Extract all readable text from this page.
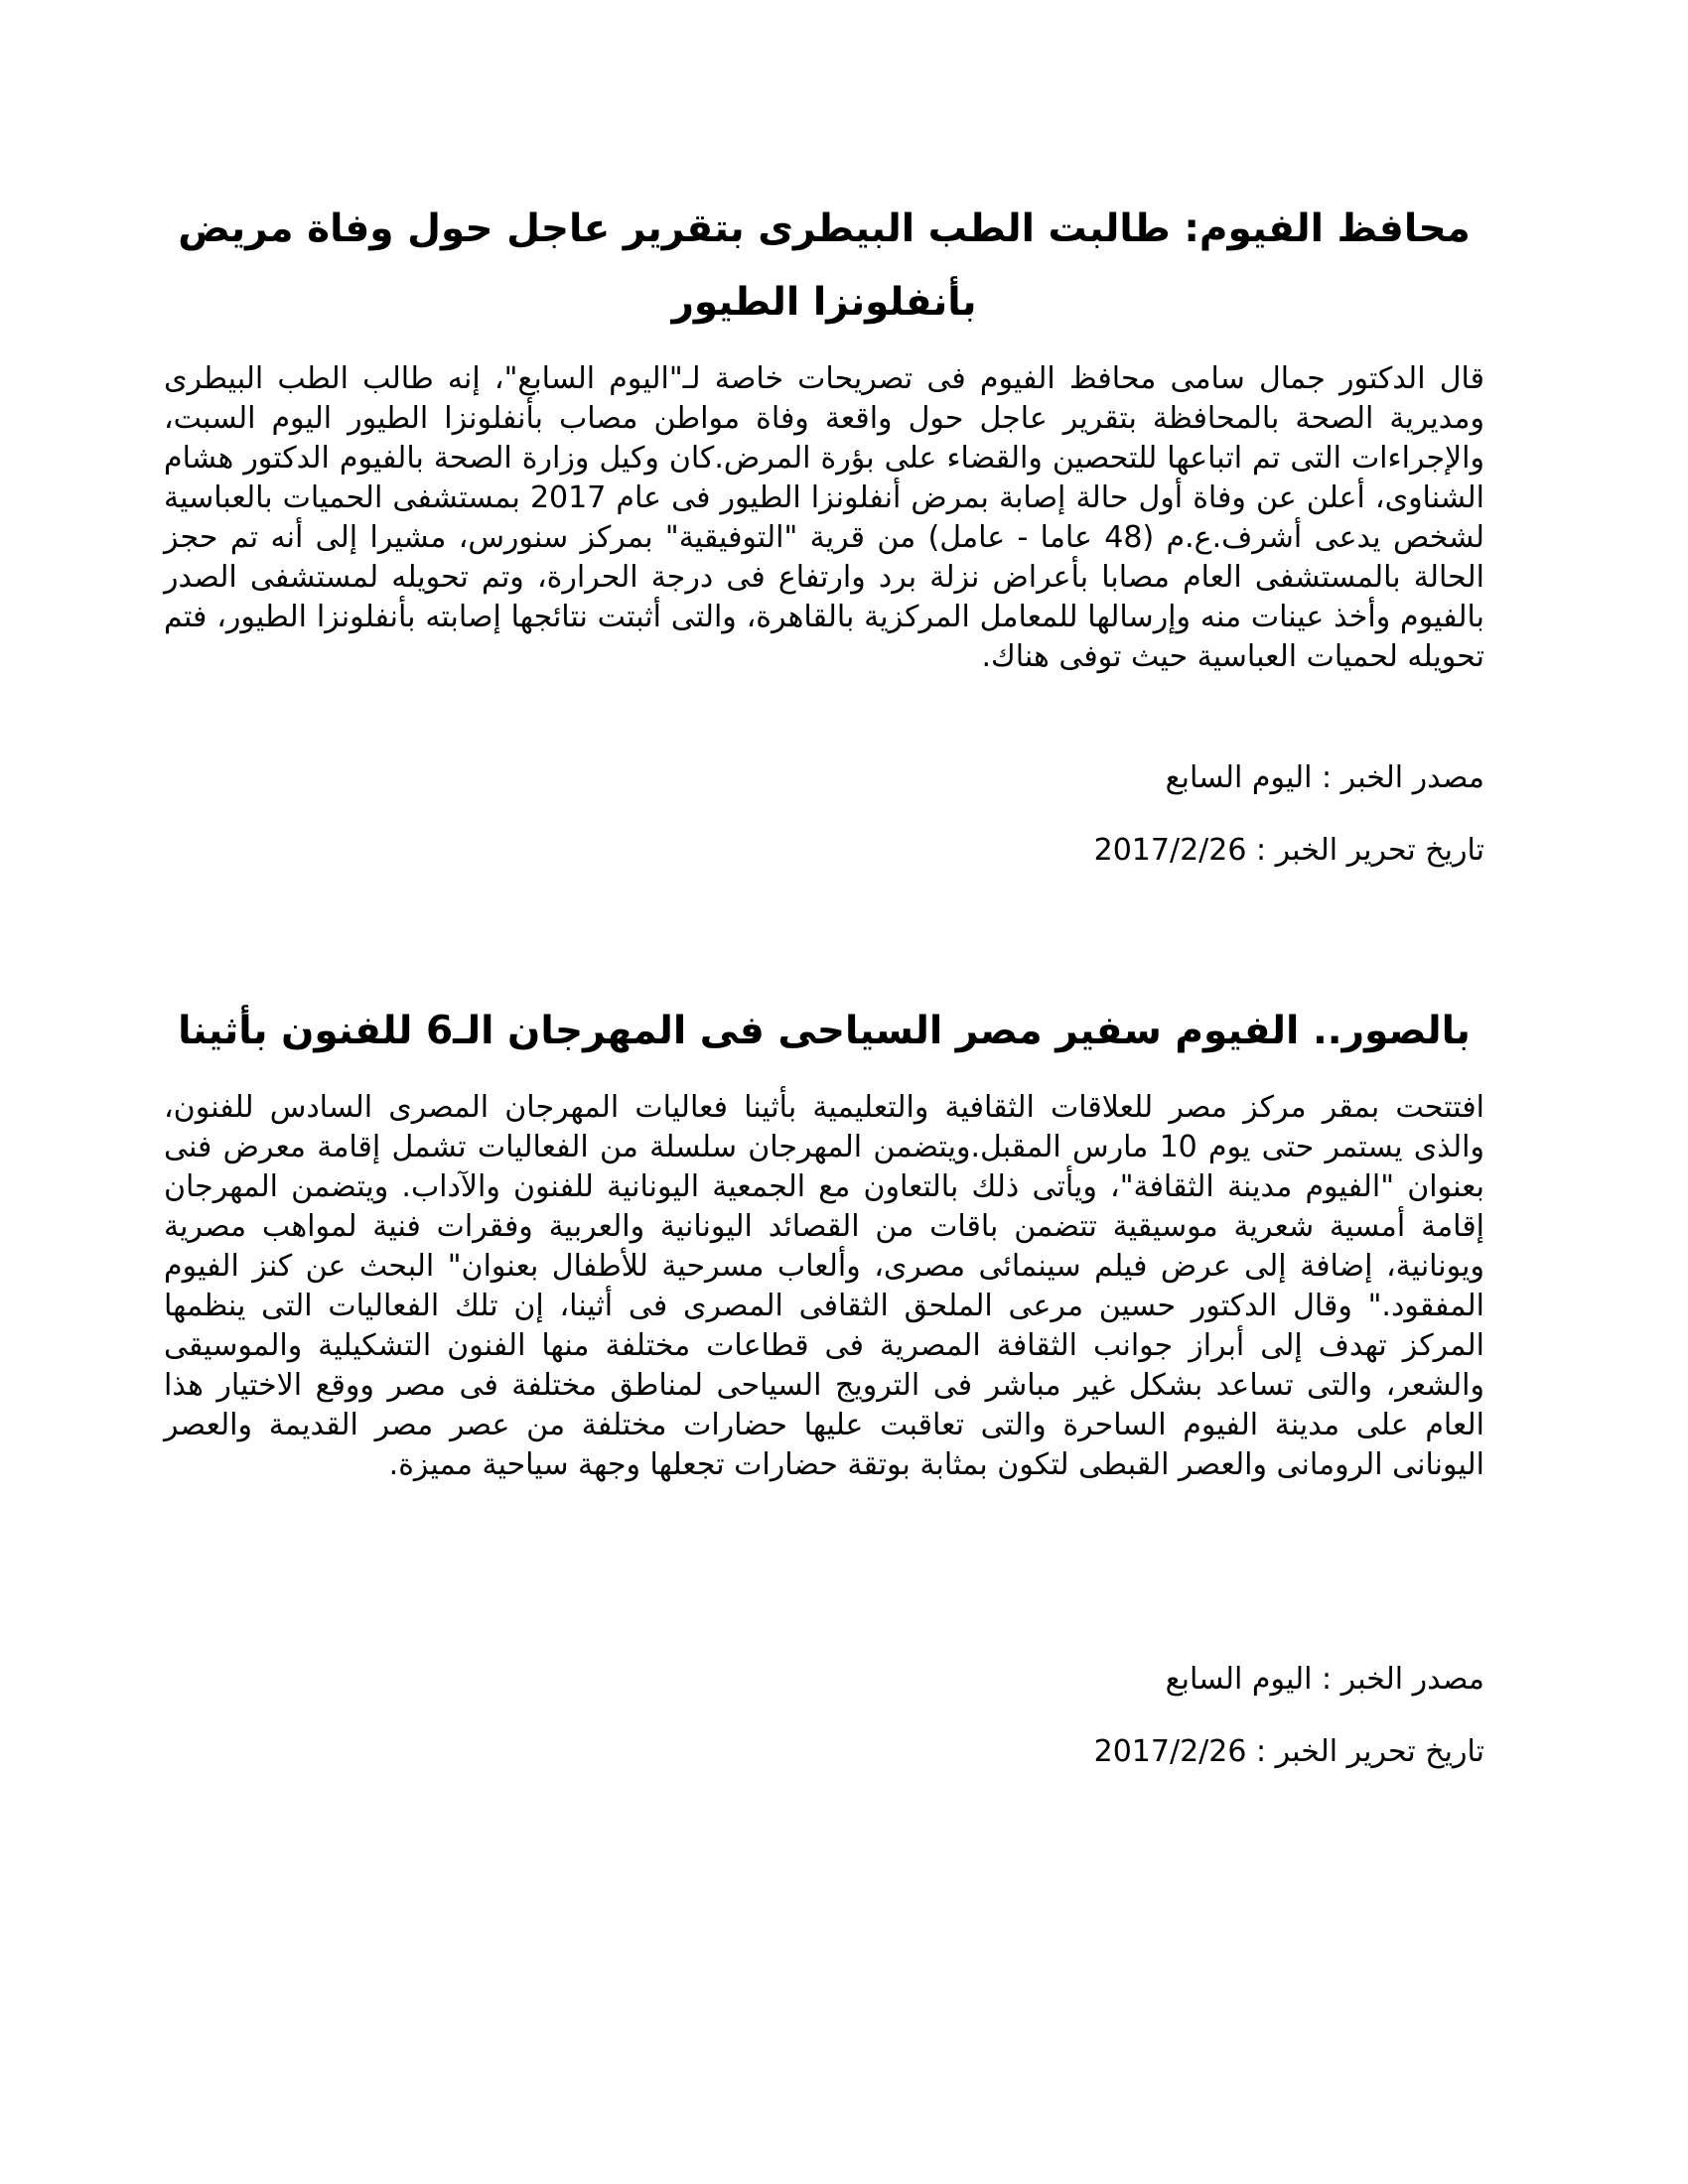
محافظ الفيوم: طالبت الطب البيطرى بتقرير عاجل حول وفاة مريض بأنفلونزا الطيور

قال الدكتور جمال سامى محافظ الفيوم فى تصريحات خاصة لـ"اليوم السابع"، إنه طالب الطب البيطرى ومديرية الصحة بالمحافظة بتقرير عاجل حول واقعة وفاة مواطن مصاب بأنفلونزا الطيور اليوم السبت، والإجراءات التى تم اتباعها للتحصين والقضاء على بؤرة المرض.كان وكيل وزارة الصحة بالفيوم الدكتور هشام الشناوى، أعلن عن وفاة أول حالة إصابة بمرض أنفلونزا الطيور فى عام 2017 بمستشفى الحميات بالعباسية لشخص يدعى أشرف.ع.م (48 عاما - عامل) من قرية "التوفيقية" بمركز سنورس، مشيرا إلى أنه تم حجز الحالة بالمستشفى العام مصابا بأعراض نزلة برد وارتفاع فى درجة الحرارة، وتم تحويله لمستشفى الصدر بالفيوم وأخذ عينات منه وإرسالها للمعامل المركزية بالقاهرة، والتى أثبتت نتائجها إصابته بأنفلونزا الطيور، فتم تحويله لحميات العباسية حيث توفى هناك.

مصدر الخبر : اليوم السابع

تاريخ تحرير الخبر : 2017/2/26

بالصور.. الفيوم سفير مصر السياحى فى المهرجان الـ6 للفنون بأثينا

افتتحت بمقر مركز مصر للعلاقات الثقافية والتعليمية بأثينا فعاليات المهرجان المصرى السادس للفنون، والذى يستمر حتى يوم 10 مارس المقبل.ويتضمن المهرجان سلسلة من الفعاليات تشمل إقامة معرض فنى بعنوان "الفيوم مدينة الثقافة"، ويأتى ذلك بالتعاون مع الجمعية اليونانية للفنون والآداب. ويتضمن المهرجان إقامة أمسية شعرية موسيقية تتضمن باقات من القصائد اليونانية والعربية وفقرات فنية لمواهب مصرية ويونانية، إضافة إلى عرض فيلم سينمائى مصرى، وألعاب مسرحية للأطفال بعنوان" البحث عن كنز الفيوم المفقود." وقال الدكتور حسين مرعى الملحق الثقافى المصرى فى أثينا، إن تلك الفعاليات التى ينظمها المركز تهدف إلى أبراز جوانب الثقافة المصرية فى قطاعات مختلفة منها الفنون التشكيلية والموسيقى والشعر، والتى تساعد بشكل غير مباشر فى الترويج السياحى لمناطق مختلفة فى مصر ووقع الاختيار هذا العام على مدينة الفيوم الساحرة والتى تعاقبت عليها حضارات مختلفة من عصر مصر القديمة والعصر اليونانى الرومانى والعصر القبطى لتكون بمثابة بوتقة حضارات تجعلها وجهة سياحية مميزة.

مصدر الخبر : اليوم السابع

تاريخ تحرير الخبر : 2017/2/26
